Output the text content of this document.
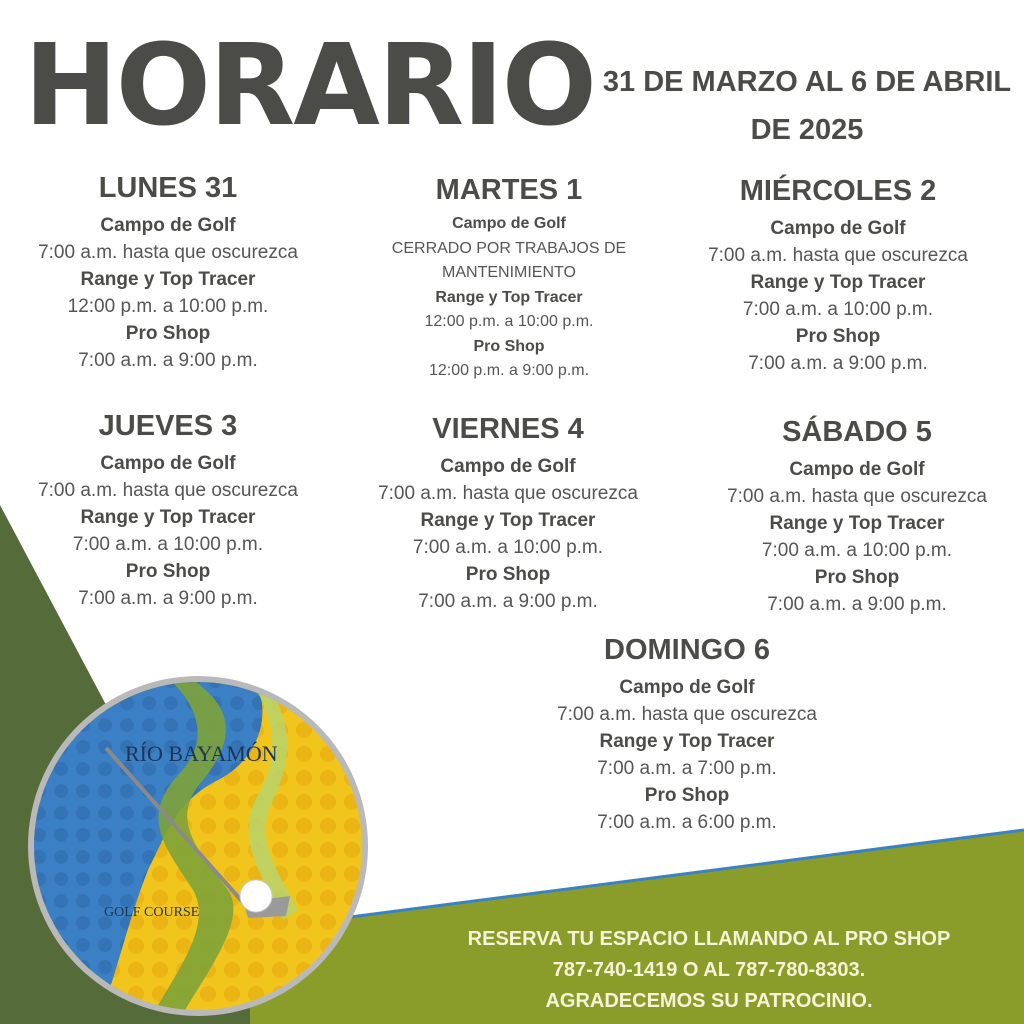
RÍO BAYAMÓN
GOLF COURSE
HORARIO 31 DE MARZO AL 6 DE ABRIL
DE 2025
LUNES 31
Campo de Golf
7:00 a.m. hasta que oscurezca
Range y Top Tracer
12:00 p.m. a 10:00 p.m.
Pro Shop
7:00 a.m. a 9:00 p.m.
MARTES 1
Campo de Golf
CERRADO POR TRABAJOS DE
MANTENIMIENTO
Range y Top Tracer
12:00 p.m. a 10:00 p.m.
Pro Shop
12:00 p.m. a 9:00 p.m.
MIÉRCOLES 2
Campo de Golf
7:00 a.m. hasta que oscurezca
Range y Top Tracer
7:00 a.m. a 10:00 p.m.
Pro Shop
7:00 a.m. a 9:00 p.m.
JUEVES 3
Campo de Golf
7:00 a.m. hasta que oscurezca
Range y Top Tracer
7:00 a.m. a 10:00 p.m.
Pro Shop
7:00 a.m. a 9:00 p.m.
VIERNES 4
Campo de Golf
7:00 a.m. hasta que oscurezca
Range y Top Tracer
7:00 a.m. a 10:00 p.m.
Pro Shop
7:00 a.m. a 9:00 p.m.
SÁBADO 5
Campo de Golf
7:00 a.m. hasta que oscurezca
Range y Top Tracer
7:00 a.m. a 10:00 p.m.
Pro Shop
7:00 a.m. a 9:00 p.m.
DOMINGO 6
Campo de Golf
7:00 a.m. hasta que oscurezca
Range y Top Tracer
7:00 a.m. a 7:00 p.m.
Pro Shop
7:00 a.m. a 6:00 p.m.
RESERVA TU ESPACIO LLAMANDO AL PRO SHOP
787-740-1419 O AL 787-780-8303.
AGRADECEMOS SU PATROCINIO.
